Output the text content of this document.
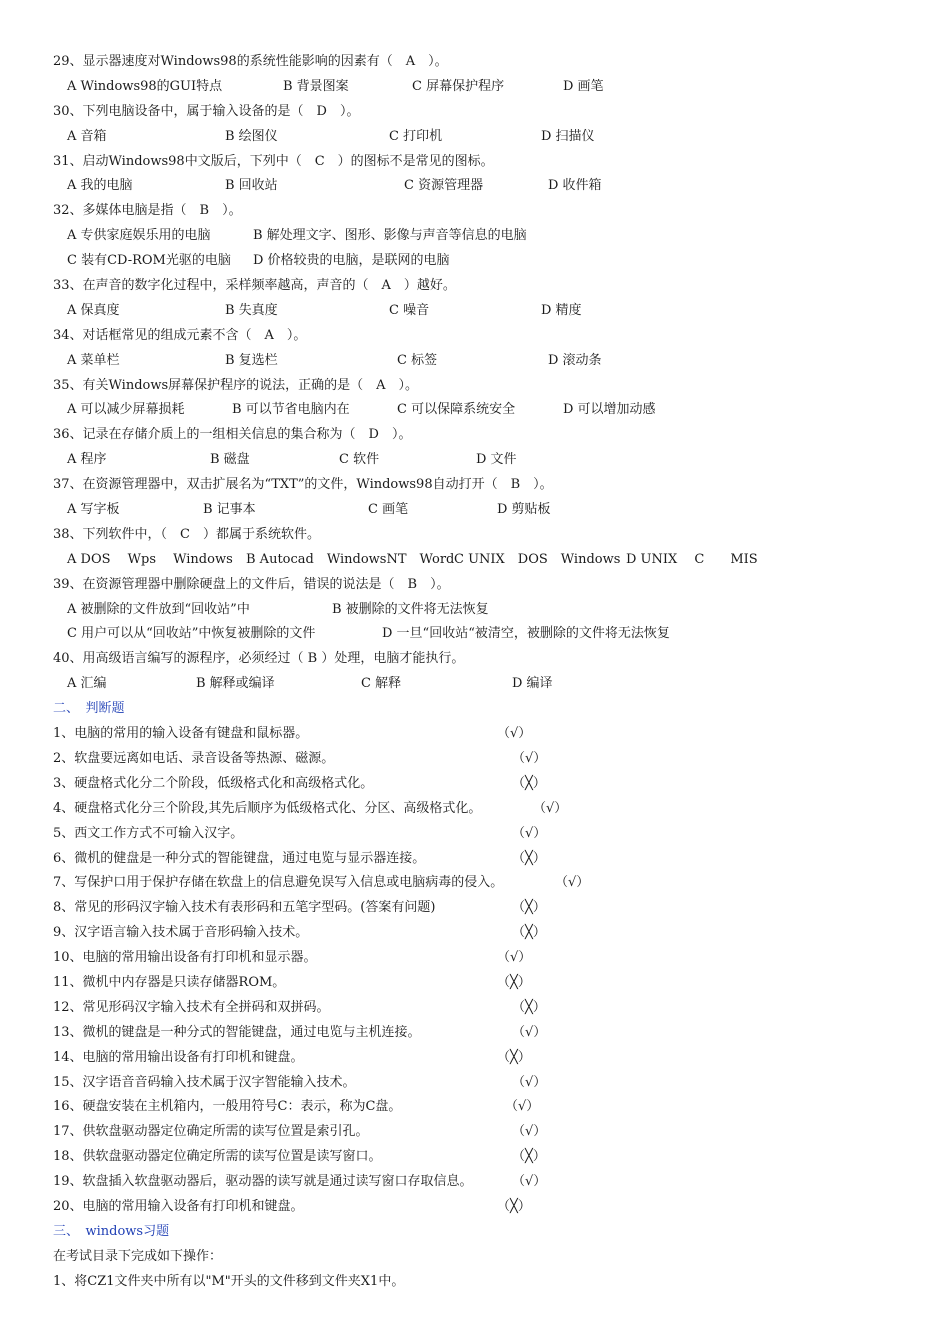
29、显示器速度对Windows98的系统性能影响的因素有（　A　）。
A Windows98的GUI特点	B 背景图案	C 屏幕保护程序	D 画笔
30、下列电脑设备中，属于输入设备的是（　D　）。
A 音箱	B 绘图仪	C 打印机	D 扫描仪
31、启动Windows98中文版后，下列中（　C　）的图标不是常见的图标。
A 我的电脑	B 回收站	C 资源管理器	D 收件箱
32、多媒体电脑是指（　B　）。
A 专供家庭娱乐用的电脑	B 解处理文字、图形、影像与声音等信息的电脑
C 装有CD-ROM光驱的电脑 D 价格较贵的电脑，是联网的电脑
33、在声音的数字化过程中，采样频率越高，声音的（　A　）越好。
A 保真度	B 失真度	C 噪音	D 精度
34、对话框常见的组成元素不含（　A　）。
A 菜单栏	B 复选栏	C 标签	D 滚动条
35、有关Windows屏幕保护程序的说法，正确的是（　A　）。
A 可以减少屏幕损耗	B 可以节省电脑内在	C 可以保障系统安全	D 可以增加动感
36、记录在存储介质上的一组相关信息的集合称为（　D　）。
A 程序	B 磁盘	C 软件	D 文件
37、在资源管理器中，双击扩展名为“TXT”的文件，Windows98自动打开（　B　）。
A 写字板	B 记事本	C 画笔	D 剪贴板
38、下列软件中，（　C　）都属于系统软件。
A DOS　 Wps　 Windows B Autocad　WindowsNT　Word C UNIX　DOS　Windows D UNIX　 C　　MIS
39、在资源管理器中删除硬盘上的文件后，错误的说法是（　B　）。
A 被删除的文件放到“回收站”中	B 被删除的文件将无法恢复
C 用户可以从“回收站”中恢复被删除的文件	D 一旦“回收站“被清空，被删除的文件将无法恢复
40、用高级语言编写的源程序，必须经过（ B ）处理，电脑才能执行。
A 汇编	B 解释或编译	C 解释	D 编译
二、　判断题
1、电脑的常用的输入设备有键盘和鼠标器。	（√）
2、软盘要远离如电话、录音设备等热源、磁源。	（√）
3、硬盘格式化分二个阶段，低级格式化和高级格式化。	（╳）
4、硬盘格式化分三个阶段,其先后顺序为低级格式化、分区、高级格式化。	（√）
5、西文工作方式不可输入汉字。	（√）
6、微机的健盘是一种分式的智能键盘，通过电览与显示器连接。	（╳）
7、写保护口用于保护存储在软盘上的信息避免误写入信息或电脑病毒的侵入。	（√）
8、常见的形码汉字输入技术有表形码和五笔字型码。(答案有问题)	（╳）
9、汉字语言输入技术属于音形码输入技术。	（╳）
10、电脑的常用输出设备有打印机和显示器。	（√）
11、微机中内存器是只读存储器ROM。	（╳）
12、常见形码汉字输入技术有全拼码和双拼码。	（╳）
13、微机的键盘是一种分式的智能键盘，通过电览与主机连接。	（√）
14、电脑的常用输出设备有打印机和键盘。	（╳）
15、汉字语音音码输入技术属于汉字智能输入技术。	（√）
16、硬盘安装在主机箱内，一般用符号C：表示，称为C盘。	（√）
17、供软盘驱动器定位确定所需的读写位置是索引孔。	（√）
18、供软盘驱动器定位确定所需的读写位置是读写窗口。	（╳）
19、软盘插入软盘驱动器后，驱动器的读写就是通过读写窗口存取信息。	（√）
20、电脑的常用输入设备有打印机和键盘。	（╳）
三、　windows习题
在考试目录下完成如下操作：
1、将CZ1文件夹中所有以"M"开头的文件移到文件夹X1中。
